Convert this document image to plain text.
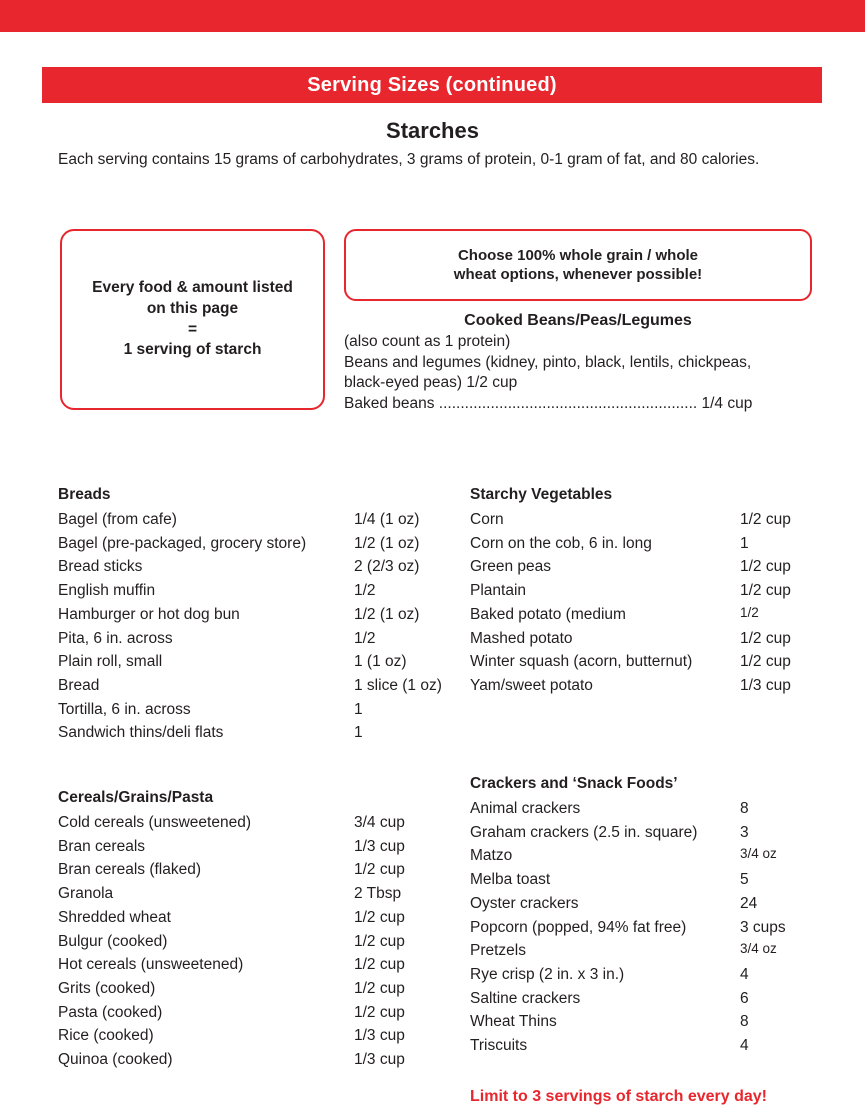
Serving Sizes (continued)
Starches
Each serving contains 15 grams of carbohydrates, 3 grams of protein, 0-1 gram of fat, and 80 calories.
Every food & amount listed
on this page
=
1 serving of starch
Choose 100% whole grain / whole
wheat options, whenever possible!
Cooked Beans/Peas/Legumes
(also count as 1 protein)
Beans and legumes (kidney, pinto, black, lentils, chickpeas,
black-eyed peas) 1/2 cup
Baked beans ............................................................ 1/4 cup
Breads
Bagel (from cafe)	1/4 (1 oz)
Bagel (pre-packaged, grocery store)	1/2 (1 oz)
Bread sticks	2 (2/3 oz)
English muffin	1/2
Hamburger or hot dog bun	1/2 (1 oz)
Pita, 6 in. across	1/2
Plain roll, small	1 (1 oz)
Bread	1 slice (1 oz)
Tortilla, 6 in. across	1
Sandwich thins/deli flats	1
Cereals/Grains/Pasta
Cold cereals (unsweetened)	3/4 cup
Bran cereals	1/3 cup
Bran cereals (flaked)	1/2 cup
Granola	2 Tbsp
Shredded wheat	1/2 cup
Bulgur (cooked)	1/2 cup
Hot cereals (unsweetened)	1/2 cup
Grits (cooked)	1/2 cup
Pasta (cooked)	1/2 cup
Rice (cooked)	1/3 cup
Quinoa (cooked)	1/3 cup
Starchy Vegetables
Corn	1/2 cup
Corn on the cob, 6 in. long	1
Green peas	1/2 cup
Plantain	1/2 cup
Baked potato (medium	1/2
Mashed potato	1/2 cup
Winter squash (acorn, butternut)	1/2 cup
Yam/sweet potato	1/3 cup
Crackers and ‘Snack Foods’
Animal crackers	8
Graham crackers (2.5 in. square)	3
Matzo	3/4 oz
Melba toast	5
Oyster crackers	24
Popcorn (popped, 94% fat free)	3 cups
Pretzels	3/4 oz
Rye crisp (2 in. x 3 in.)	4
Saltine crackers	6
Wheat Thins	8
Triscuits	4
Limit to 3 servings of starch every day!
